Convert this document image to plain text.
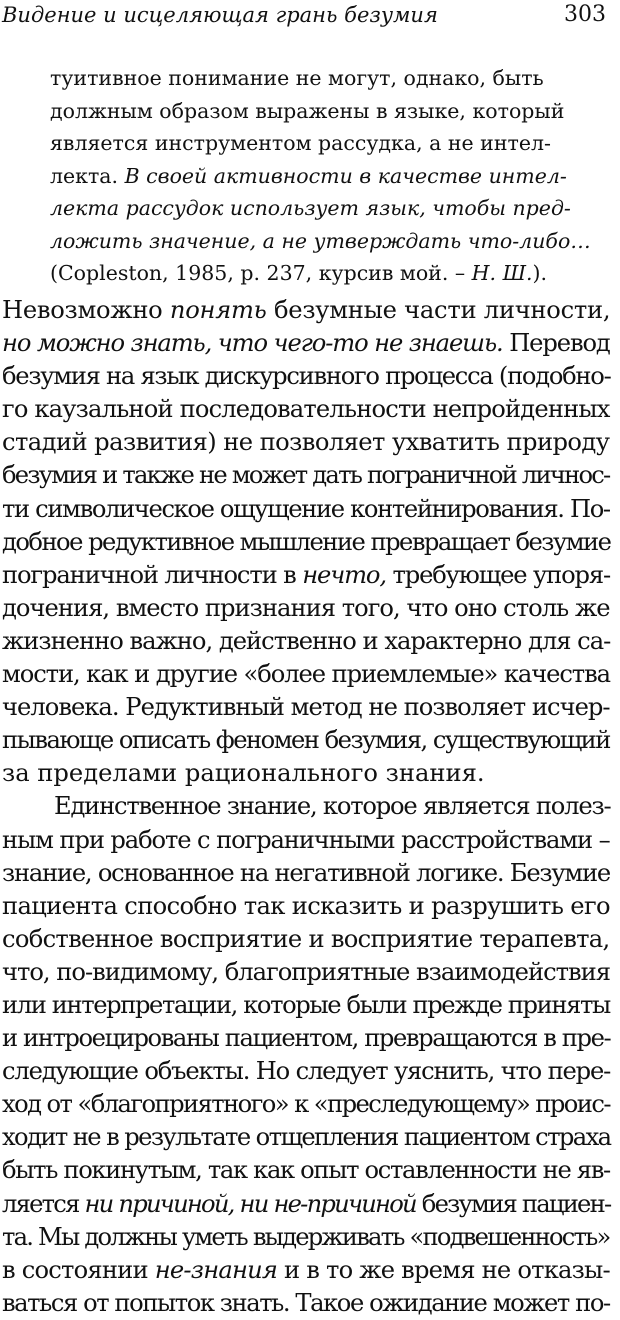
Видение и исцеляющая грань безумия	303
туитивное понимание не могут, однако, быть
должным образом выражены в языке, который
является инструментом рассудка, а не интел-
лекта. В своей активности в качестве интел-
лекта рассудок использует язык, чтобы пред-
ложить значение, а не утверждать что-либо…
(Copleston, 1985, p. 237, курсив мой. – Н. Ш.).
Невозможно понять безумные части личности,
но можно знать, что чего-то не знаешь. Перевод
безумия на язык дискурсивного процесса (подобно-
го каузальной последовательности непройденных
стадий развития) не позволяет ухватить природу
безумия и также не может дать пограничной личнос-
ти символическое ощущение контейнирования. По-
добное редуктивное мышление превращает безумие
пограничной личности в нечто, требующее упоря-
дочения, вместо признания того, что оно столь же
жизненно важно, действенно и характерно для са-
мости, как и другие «более приемлемые» качества
человека. Редуктивный метод не позволяет исчер-
пывающе описать феномен безумия, существующий
за пределами рационального знания.
Единственное знание, которое является полез-
ным при работе с пограничными расстройствами –
знание, основанное на негативной логике. Безумие
пациента способно так исказить и разрушить его
собственное восприятие и восприятие терапевта,
что, по-видимому, благоприятные взаимодействия
или интерпретации, которые были прежде приняты
и интроецированы пациентом, превращаются в пре-
следующие объекты. Но следует уяснить, что пере-
ход от «благоприятного» к «преследующему» проис-
ходит не в результате отщепления пациентом страха
быть покинутым, так как опыт оставленности не яв-
ляется ни причиной, ни не-причиной безумия пациен-
та. Мы должны уметь выдерживать «подвешенность»
в состоянии не-знания и в то же время не отказы-
ваться от попыток знать. Такое ожидание может по-
